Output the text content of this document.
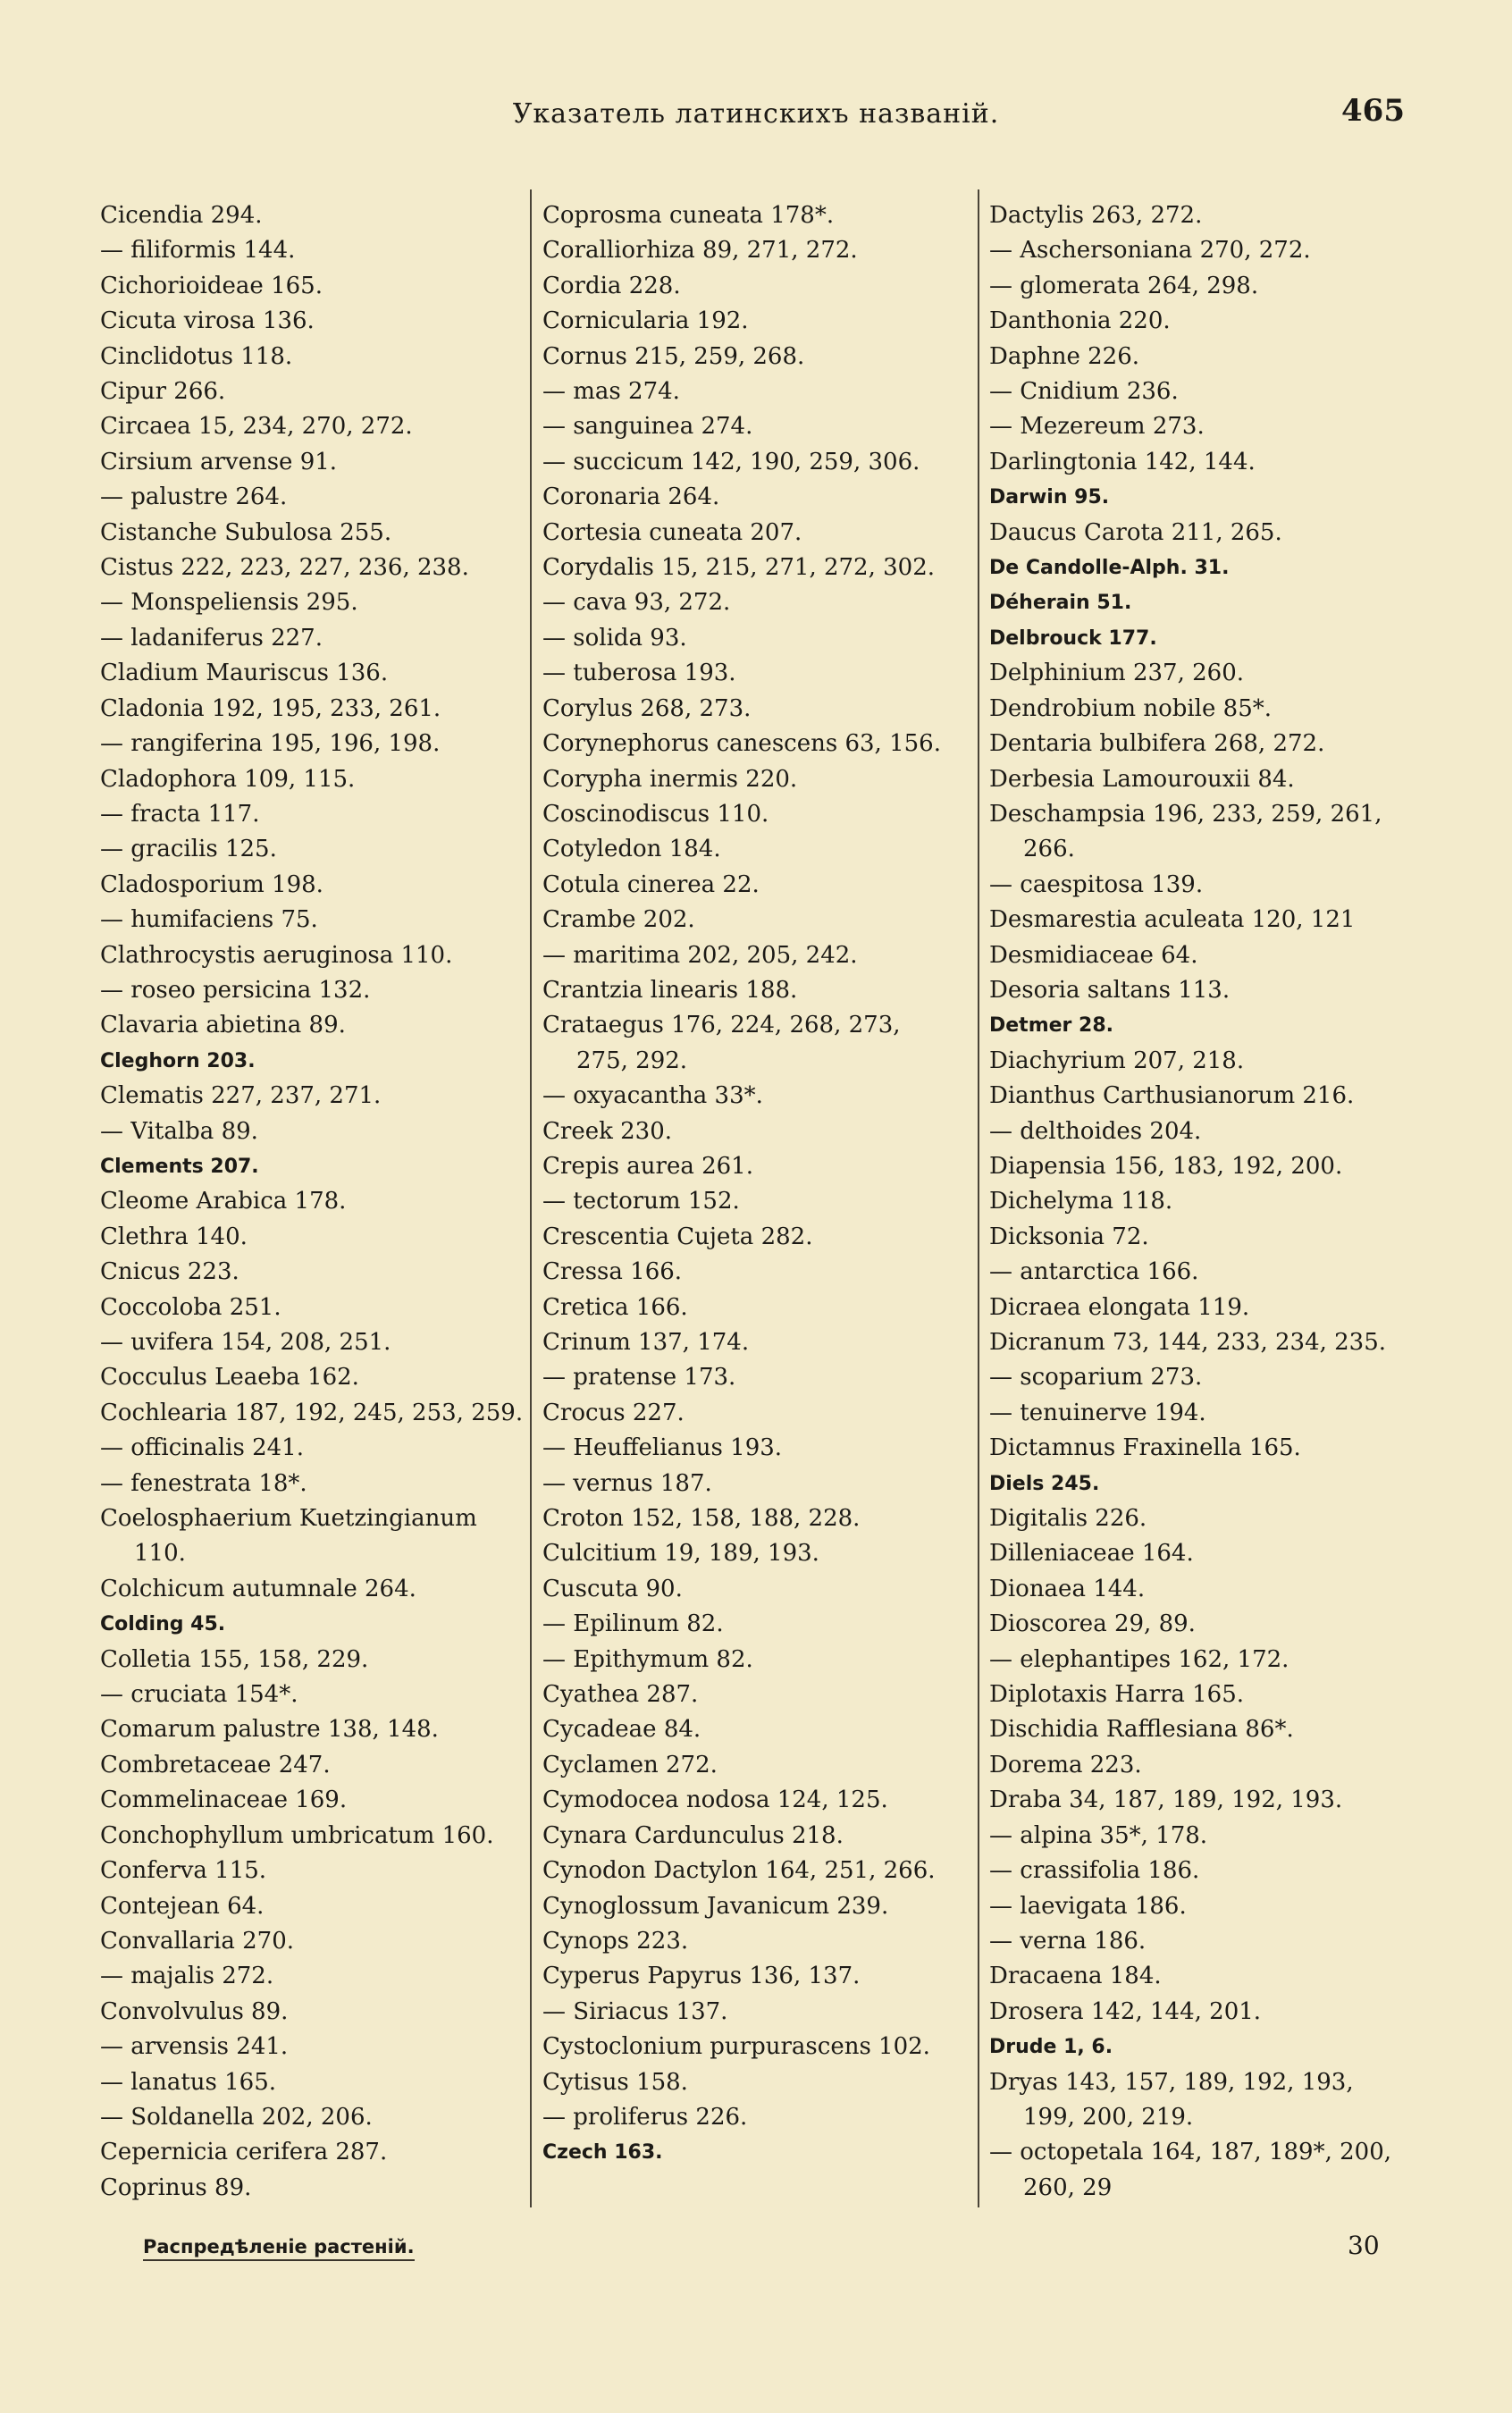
Указатель латинскихъ названій.	465
Cicendia 294.
— filiformis 144.
Cichorioideae 165.
Cicuta virosa 136.
Cinclidotus 118.
Cipur 266.
Circaea 15, 234, 270, 272.
Cirsium arvense 91.
— palustre 264.
Cistanche Subulosa 255.
Cistus 222, 223, 227, 236, 238.
— Monspeliensis 295.
— ladaniferus 227.
Cladium Mauriscus 136.
Cladonia 192, 195, 233, 261.
— rangiferina 195, 196, 198.
Cladophora 109, 115.
— fracta 117.
— gracilis 125.
Cladosporium 198.
— humifaciens 75.
Clathrocystis aeruginosa 110.
— roseo persicina 132.
Clavaria abietina 89.
Cleghorn 203.
Clematis 227, 237, 271.
— Vitalba 89.
Clements 207.
Cleome Arabica 178.
Clethra 140.
Cnicus 223.
Coccoloba 251.
— uvifera 154, 208, 251.
Cocculus Leaeba 162.
Cochlearia 187, 192, 245, 253, 259.
— officinalis 241.
— fenestrata 18*.
Coelosphaerium Kuetzingianum
110.
Colchicum autumnale 264.
Colding 45.
Colletia 155, 158, 229.
— cruciata 154*.
Comarum palustre 138, 148.
Combretaceae 247.
Commelinaceae 169.
Conchophyllum umbricatum 160.
Conferva 115.
Contejean 64.
Convallaria 270.
— majalis 272.
Convolvulus 89.
— arvensis 241.
— lanatus 165.
— Soldanella 202, 206.
Cepernicia cerifera 287.
Coprinus 89.
Coprosma cuneata 178*.
Coralliorhiza 89, 271, 272.
Cordia 228.
Cornicularia 192.
Cornus 215, 259, 268.
— mas 274.
— sanguinea 274.
— succicum 142, 190, 259, 306.
Coronaria 264.
Cortesia cuneata 207.
Corydalis 15, 215, 271, 272, 302.
— cava 93, 272.
— solida 93.
— tuberosa 193.
Corylus 268, 273.
Corynephorus canescens 63, 156.
Corypha inermis 220.
Coscinodiscus 110.
Cotyledon 184.
Cotula cinerea 22.
Crambe 202.
— maritima 202, 205, 242.
Crantzia linearis 188.
Crataegus 176, 224, 268, 273,
275, 292.
— oxyacantha 33*.
Creek 230.
Crepis aurea 261.
— tectorum 152.
Crescentia Cujeta 282.
Cressa 166.
Cretica 166.
Crinum 137, 174.
— pratense 173.
Crocus 227.
— Heuffelianus 193.
— vernus 187.
Croton 152, 158, 188, 228.
Culcitium 19, 189, 193.
Cuscuta 90.
— Epilinum 82.
— Epithymum 82.
Cyathea 287.
Cycadeae 84.
Cyclamen 272.
Cymodocea nodosa 124, 125.
Cynara Cardunculus 218.
Cynodon Dactylon 164, 251, 266.
Cynoglossum Javanicum 239.
Cynops 223.
Cyperus Papyrus 136, 137.
— Siriacus 137.
Cystoclonium purpurascens 102.
Cytisus 158.
— proliferus 226.
Czech 163.
Dactylis 263, 272.
— Aschersoniana 270, 272.
— glomerata 264, 298.
Danthonia 220.
Daphne 226.
— Cnidium 236.
— Mezereum 273.
Darlingtonia 142, 144.
Darwin 95.
Daucus Carota 211, 265.
De Candolle-Alph. 31.
Déherain 51.
Delbrouck 177.
Delphinium 237, 260.
Dendrobium nobile 85*.
Dentaria bulbifera 268, 272.
Derbesia Lamourouxii 84.
Deschampsia 196, 233, 259, 261,
266.
— caespitosa 139.
Desmarestia aculeata 120, 121
Desmidiaceae 64.
Desoria saltans 113.
Detmer 28.
Diachyrium 207, 218.
Dianthus Carthusianorum 216.
— delthoides 204.
Diapensia 156, 183, 192, 200.
Dichelyma 118.
Dicksonia 72.
— antarctica 166.
Dicraea elongata 119.
Dicranum 73, 144, 233, 234, 235.
— scoparium 273.
— tenuinerve 194.
Dictamnus Fraxinella 165.
Diels 245.
Digitalis 226.
Dilleniaceae 164.
Dionaea 144.
Dioscorea 29, 89.
— elephantipes 162, 172.
Diplotaxis Harra 165.
Dischidia Rafflesiana 86*.
Dorema 223.
Draba 34, 187, 189, 192, 193.
— alpina 35*, 178.
— crassifolia 186.
— laevigata 186.
— verna 186.
Dracaena 184.
Drosera 142, 144, 201.
Drude 1, 6.
Dryas 143, 157, 189, 192, 193,
199, 200, 219.
— octopetala 164, 187, 189*, 200,
260, 29
Распредѣленіе растеній.	30
